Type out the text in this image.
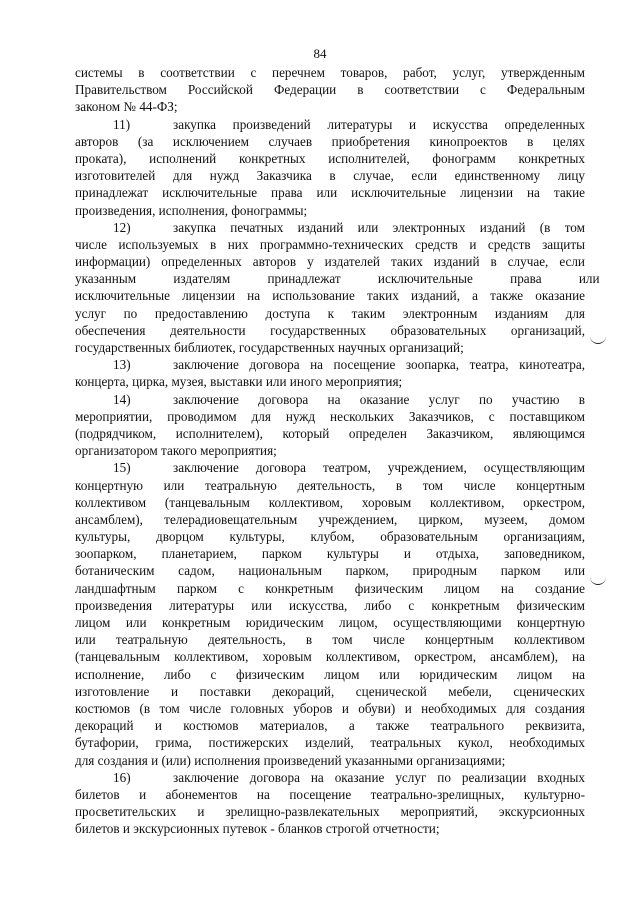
84
системы в соответствии с перечнем товаров, работ, услуг, утвержденным
Правительством Российской Федерации в соответствии с Федеральным
законом № 44-ФЗ;
11)	закупка произведений литературы и искусства определенных
авторов (за исключением случаев приобретения кинопроектов в целях
проката), исполнений конкретных исполнителей, фонограмм конкретных
изготовителей для нужд Заказчика в случае, если единственному лицу
принадлежат исключительные права или исключительные лицензии на такие
произведения, исполнения, фонограммы;
12)	закупка печатных изданий или электронных изданий (в том
числе используемых в них программно-технических средств и средств защиты
информации) определенных авторов у издателей таких изданий в случае, если
указанным издателям принадлежат исключительные права или
исключительные лицензии на использование таких изданий, а также оказание
услуг по предоставлению доступа к таким электронным изданиям для
обеспечения деятельности государственных образовательных организаций,
государственных библиотек, государственных научных организаций;
13)	заключение договора на посещение зоопарка, театра, кинотеатра,
концерта, цирка, музея, выставки или иного мероприятия;
14)	заключение договора на оказание услуг по участию в
мероприятии, проводимом для нужд нескольких Заказчиков, с поставщиком
(подрядчиком, исполнителем), который определен Заказчиком, являющимся
организатором такого мероприятия;
15)	заключение договора театром, учреждением, осуществляющим
концертную или театральную деятельность, в том числе концертным
коллективом (танцевальным коллективом, хоровым коллективом, оркестром,
ансамблем), телерадиовещательным учреждением, цирком, музеем, домом
культуры, дворцом культуры, клубом, образовательным организациям,
зоопарком, планетарием, парком культуры и отдыха, заповедником,
ботаническим садом, национальным парком, природным парком или
ландшафтным парком с конкретным физическим лицом на создание
произведения литературы или искусства, либо с конкретным физическим
лицом или конкретным юридическим лицом, осуществляющими концертную
или театральную деятельность, в том числе концертным коллективом
(танцевальным коллективом, хоровым коллективом, оркестром, ансамблем), на
исполнение, либо с физическим лицом или юридическим лицом на
изготовление и поставки декораций, сценической мебели, сценических
костюмов (в том числе головных уборов и обуви) и необходимых для создания
декораций и костюмов материалов, а также театрального реквизита,
бутафории, грима, постижерских изделий, театральных кукол, необходимых
для создания и (или) исполнения произведений указанными организациями;
16)	заключение договора на оказание услуг по реализации входных
билетов и абонементов на посещение театрально-зрелищных, культурно-
просветительских и зрелищно-развлекательных мероприятий, экскурсионных
билетов и экскурсионных путевок - бланков строгой отчетности;
